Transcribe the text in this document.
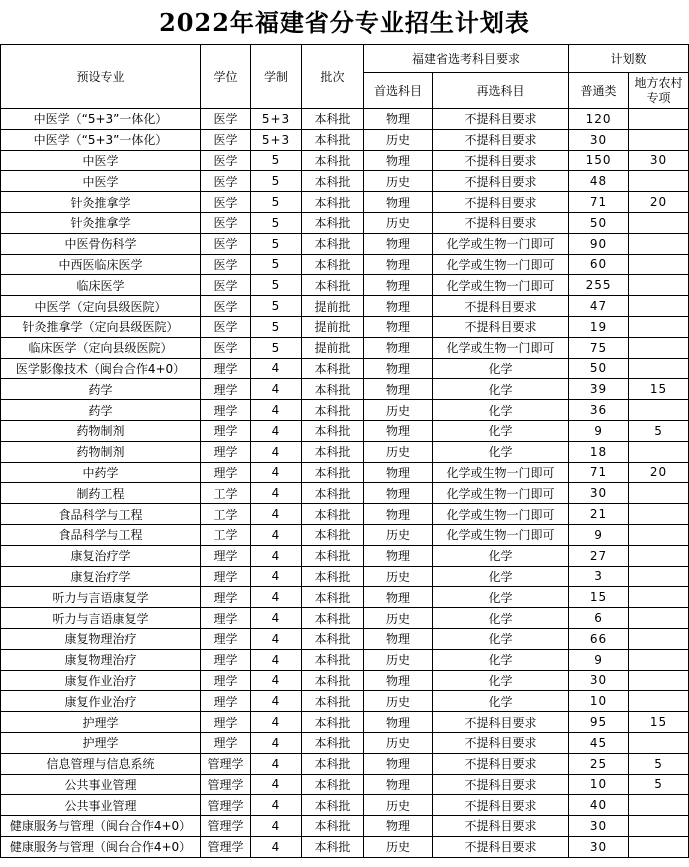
2022年福建省分专业招生计划表
预设专业	学位	学制	批次	福建省选考科目要求		计划数	
				首选科目	再选科目	普通类	地方农村专项
中医学（“5+3”一体化）	医学	5+3	本科批	物理	不提科目要求	120	
中医学（“5+3”一体化）	医学	5+3	本科批	历史	不提科目要求	30	
中医学	医学	5	本科批	物理	不提科目要求	150	30
中医学	医学	5	本科批	历史	不提科目要求	48	
针灸推拿学	医学	5	本科批	物理	不提科目要求	71	20
针灸推拿学	医学	5	本科批	历史	不提科目要求	50	
中医骨伤科学	医学	5	本科批	物理	化学或生物一门即可	90	
中西医临床医学	医学	5	本科批	物理	化学或生物一门即可	60	
临床医学	医学	5	本科批	物理	化学或生物一门即可	255	
中医学（定向县级医院）	医学	5	提前批	物理	不提科目要求	47	
针灸推拿学（定向县级医院）	医学	5	提前批	物理	不提科目要求	19	
临床医学（定向县级医院）	医学	5	提前批	物理	化学或生物一门即可	75	
医学影像技术（闽台合作4+0）	理学	4	本科批	物理	化学	50	
药学	理学	4	本科批	物理	化学	39	15
药学	理学	4	本科批	历史	化学	36	
药物制剂	理学	4	本科批	物理	化学	9	5
药物制剂	理学	4	本科批	历史	化学	18	
中药学	理学	4	本科批	物理	化学或生物一门即可	71	20
制药工程	工学	4	本科批	物理	化学或生物一门即可	30	
食品科学与工程	工学	4	本科批	物理	化学或生物一门即可	21	
食品科学与工程	工学	4	本科批	历史	化学或生物一门即可	9	
康复治疗学	理学	4	本科批	物理	化学	27	
康复治疗学	理学	4	本科批	历史	化学	3	
听力与言语康复学	理学	4	本科批	物理	化学	15	
听力与言语康复学	理学	4	本科批	历史	化学	6	
康复物理治疗	理学	4	本科批	物理	化学	66	
康复物理治疗	理学	4	本科批	历史	化学	9	
康复作业治疗	理学	4	本科批	物理	化学	30	
康复作业治疗	理学	4	本科批	历史	化学	10	
护理学	理学	4	本科批	物理	不提科目要求	95	15
护理学	理学	4	本科批	历史	不提科目要求	45	
信息管理与信息系统	管理学	4	本科批	物理	不提科目要求	25	5
公共事业管理	管理学	4	本科批	物理	不提科目要求	10	5
公共事业管理	管理学	4	本科批	历史	不提科目要求	40	
健康服务与管理（闽台合作4+0）	管理学	4	本科批	物理	不提科目要求	30	
健康服务与管理（闽台合作4+0）	管理学	4	本科批	历史	不提科目要求	30	
